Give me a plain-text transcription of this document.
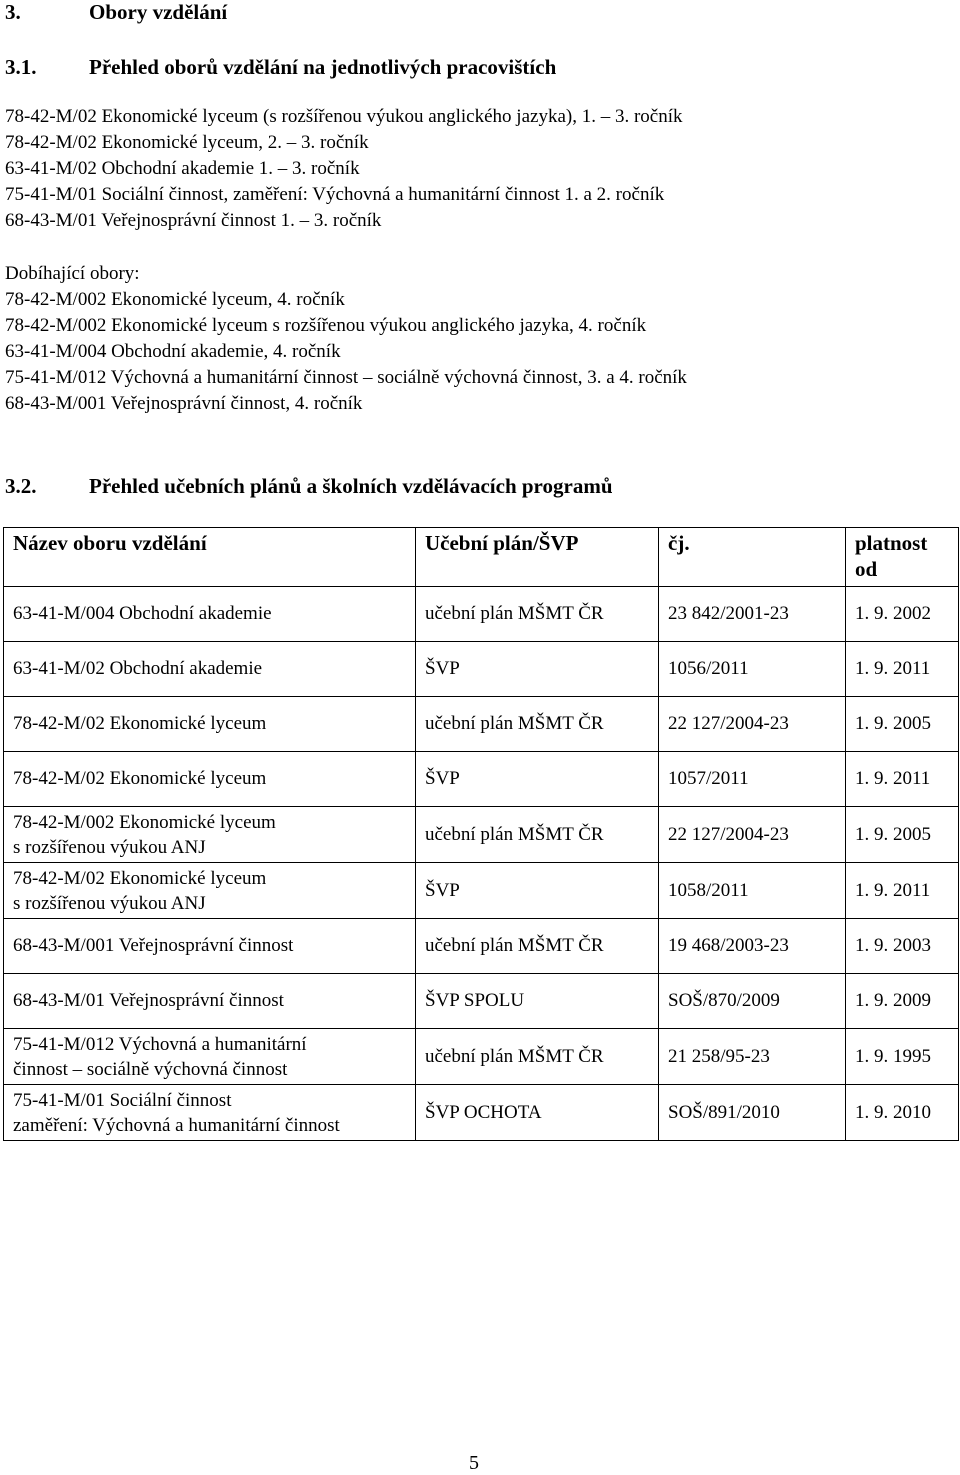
3.	Obory vzdělání
3.1.	Přehled oborů vzdělání na jednotlivých pracovištích
78-42-M/02 Ekonomické lyceum (s rozšířenou výukou anglického jazyka), 1. – 3. ročník
78-42-M/02 Ekonomické lyceum, 2. – 3. ročník
63-41-M/02 Obchodní akademie 1. – 3. ročník
75-41-M/01 Sociální činnost, zaměření: Výchovná a humanitární činnost 1. a 2. ročník
68-43-M/01 Veřejnosprávní činnost 1. – 3. ročník
Dobíhající obory:
78-42-M/002 Ekonomické lyceum, 4. ročník
78-42-M/002 Ekonomické lyceum s rozšířenou výukou anglického jazyka, 4. ročník
63-41-M/004 Obchodní akademie, 4. ročník
75-41-M/012 Výchovná a humanitární činnost – sociálně výchovná činnost, 3. a 4. ročník
68-43-M/001 Veřejnosprávní činnost, 4. ročník
3.2.	Přehled učebních plánů a školních vzdělávacích programů
Název oboru vzdělání	Učební plán/ŠVP	čj.	platnost od

63-41-M/004 Obchodní akademie	učební plán MŠMT ČR	23 842/2001-23	1. 9. 2002

63-41-M/02 Obchodní akademie	ŠVP	1056/2011	1. 9. 2011

78-42-M/02 Ekonomické lyceum	učební plán MŠMT ČR	22 127/2004-23	1. 9. 2005

78-42-M/02 Ekonomické lyceum	ŠVP	1057/2011	1. 9. 2011

78-42-M/002 Ekonomické lyceum
s rozšířenou výukou ANJ	učební plán MŠMT ČR	22 127/2004-23	1. 9. 2005

78-42-M/02 Ekonomické lyceum
s rozšířenou výukou ANJ	ŠVP	1058/2011	1. 9. 2011

68-43-M/001 Veřejnosprávní činnost	učební plán MŠMT ČR	19 468/2003-23	1. 9. 2003

68-43-M/01 Veřejnosprávní činnost	ŠVP SPOLU	SOŠ/870/2009	1. 9. 2009

75-41-M/012 Výchovná a humanitární
činnost – sociálně výchovná činnost	učební plán MŠMT ČR	21 258/95-23	1. 9. 1995

75-41-M/01 Sociální činnost
zaměření: Výchovná a humanitární činnost	ŠVP OCHOTA	SOŠ/891/2010	1. 9. 2010
5
